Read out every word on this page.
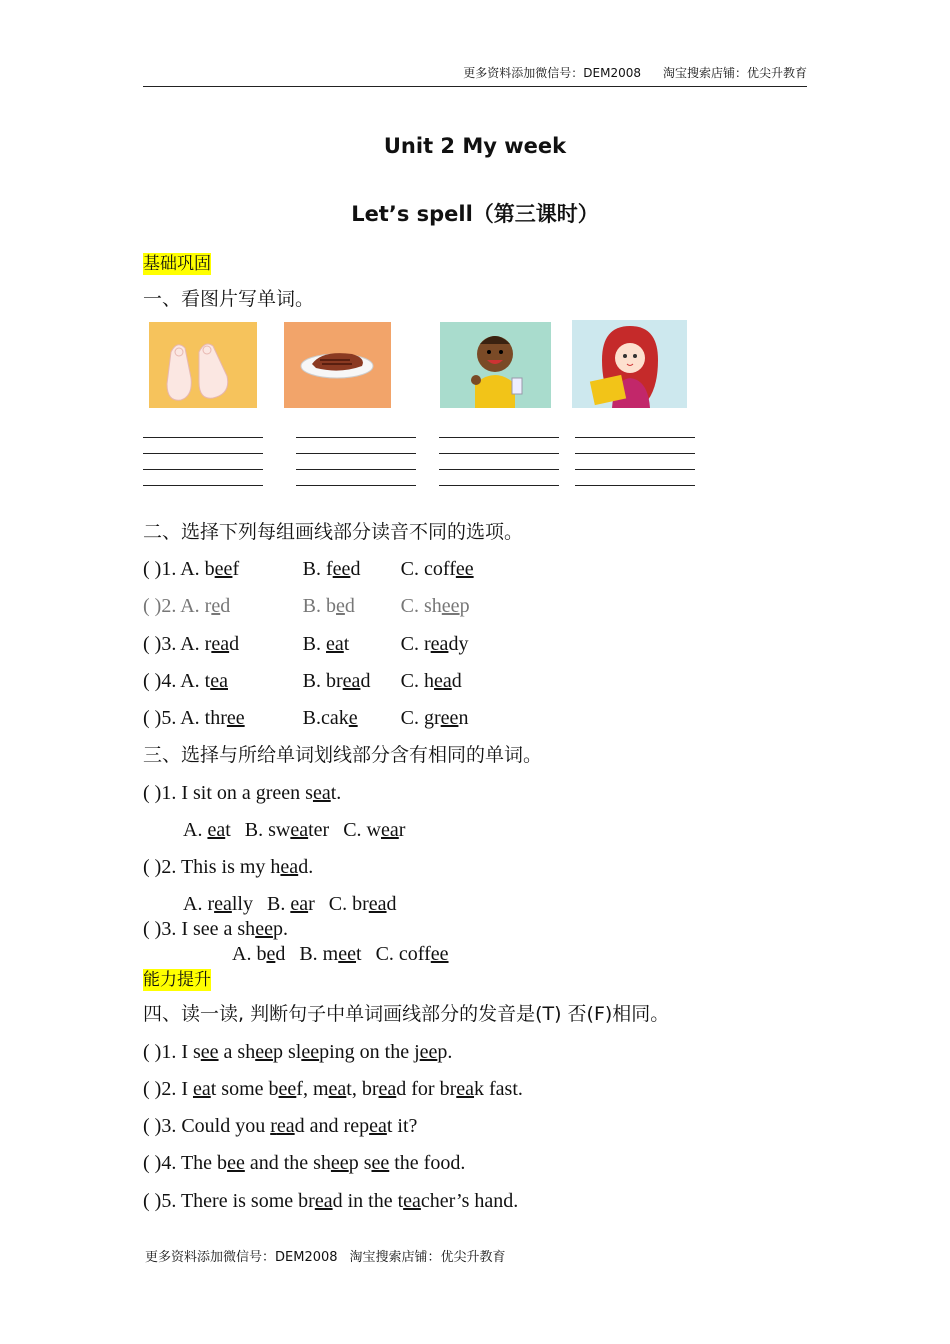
更多资料添加微信号：DEM2008 淘宝搜索店铺：优尖升教育
Unit 2 My week
Let’s spell（第三课时）
基础巩固
一、看图片写单词。
二、选择下列每组画线部分读音不同的选项。
( )1. A. beef	B. feed C. coffee
( )2. A. red	B. bed C. sheep
( )3. A. read	B. eat	C. ready
( )4. A. tea	B. bread C. head
( )5. A. three	B.cake C. green
三、选择与所给单词划线部分含有相同的单词。
( )1. I sit on a green seat.
A. eat B. sweater C. wear
( )2. This is my head.
A. really B. ear C. bread
( )3. I see a sheep.
A. bed B. meet C. coffee
能力提升
四、读一读, 判断句子中单词画线部分的发音是(T) 否(F)相同。
( )1. I see a sheep sleeping on the jeep.
( )2. I eat some beef, meat, bread for break fast.
( )3. Could you read and repeat it?
( )4. The bee and the sheep see the food.
( )5. There is some bread in the teacher’s hand.
更多资料添加微信号：DEM2008 淘宝搜索店铺：优尖升教育
